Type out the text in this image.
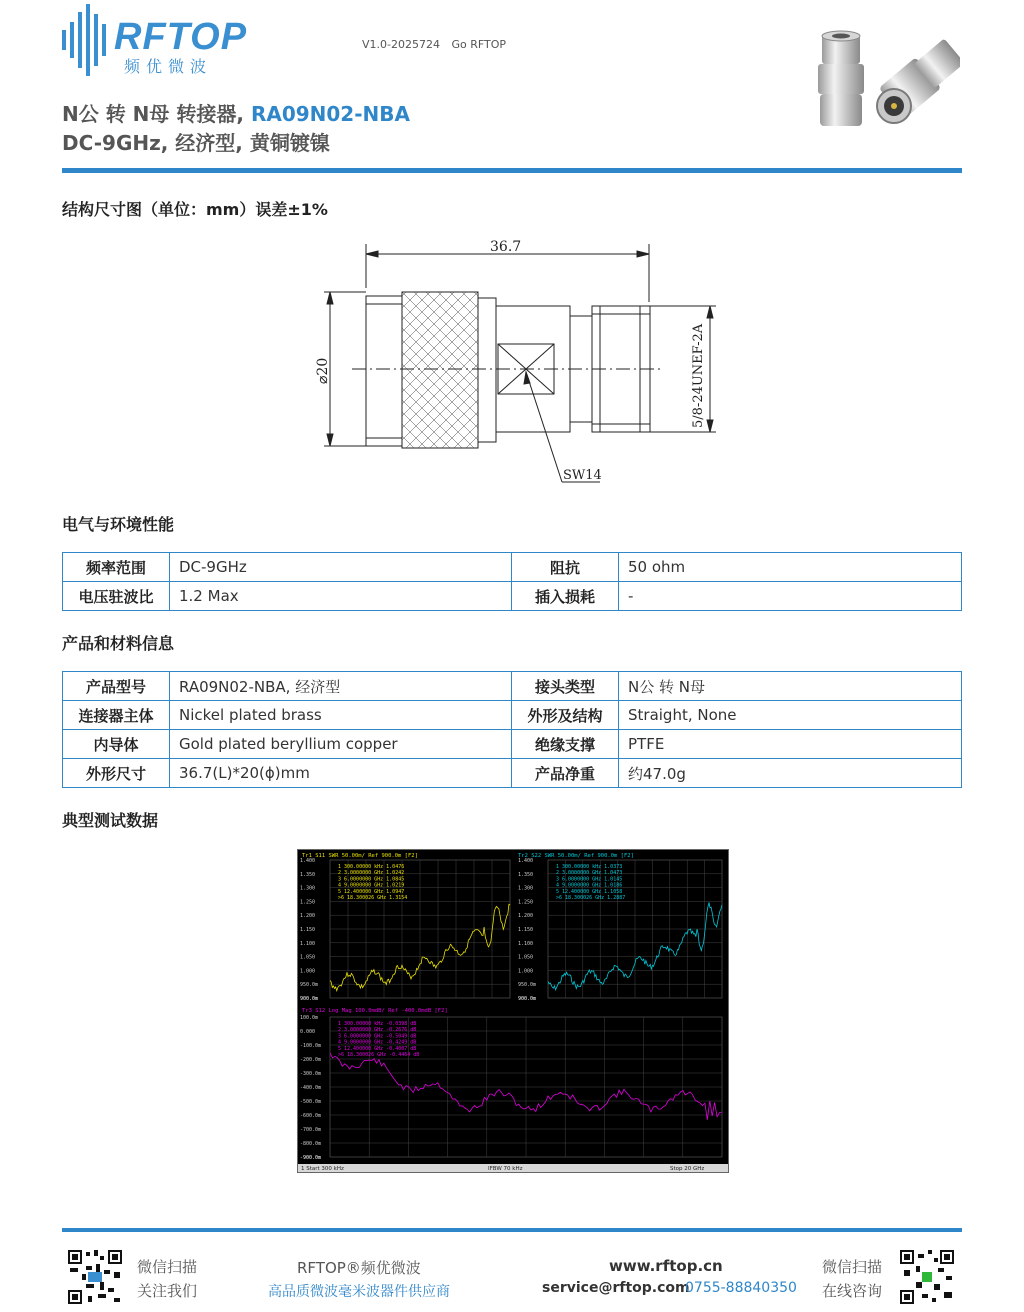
RFTOP
频优微波
V1.0-2025724 Go RFTOP
N公 转 N母 转接器, RA09N02-NBA
DC-9GHz, 经济型, 黄铜镀镍
结构尺寸图（单位：mm）误差±1%
36.7
⌀20	5/8-24UNEF-2A
SW14
电气与环境性能
频率范围	DC-9GHz	阻抗	50 ohm
电压驻波比	1.2 Max	插入损耗	-
产品和材料信息
产品型号	RA09N02-NBA, 经济型	接头类型	N公 转 N母
连接器主体	Nickel plated brass	外形及结构	Straight, None
内导体	Gold plated beryllium copper	绝缘支撑	PTFE
外形尺寸	36.7(L)*20(ϕ)mm	产品净重	约47.0g
典型测试数据
Tr1 S11 SWR 50.00m/ Ref 900.0m [F2]	Tr2 S22 SWR 50.00m/ Ref 900.0m [F2]
Tr3 S12 Log Mag 100.0mdB/ Ref -400.0mdB [F2]
1 300.00000 kHz 1.0476
2 3.0000000 GHz 1.0242
3 6.0000000 GHz 1.0845
4 9.0000000 GHz 1.0219
5 12.400000 GHz 1.0947
>6 18.300026 GHz 1.3154
1 300.00000 kHz 1.0373
2 3.0000000 GHz 1.0473
3 6.0000000 GHz 1.0145
4 9.0000000 GHz 1.0186
5 12.400000 GHz 1.1058
>6 18.300026 GHz 1.2887
1 300.00000 kHz -0.0398 dB
2 3.0000000 GHz -0.2676 dB
3 6.0000000 GHz -0.5049 dB
4 9.0000000 GHz -0.4249 dB
5 12.400000 GHz -0.4007 dB
>6 18.300026 GHz -0.4464 dB
1.400
1.350
1.300
1.250
1.200
1.150
1.100
1.050
1.000
950.0m
900.0m
1.400
1.350
1.300
1.250
1.200
1.150
1.100
1.050
1.000
950.0m
900.0m
100.0m
0.000
-100.0m
-200.0m
-300.0m
-400.0m
-500.0m
-600.0m
-700.0m
-800.0m
-900.0m
1 Start 300 kHz	IFBW 70 kHz	Stop 20 GHz
微信扫描
关注我们
RFTOP®频优微波
高品质微波毫米波器件供应商
www.rftop.cn
service@rftop.com
0755-88840350
微信扫描
在线咨询
